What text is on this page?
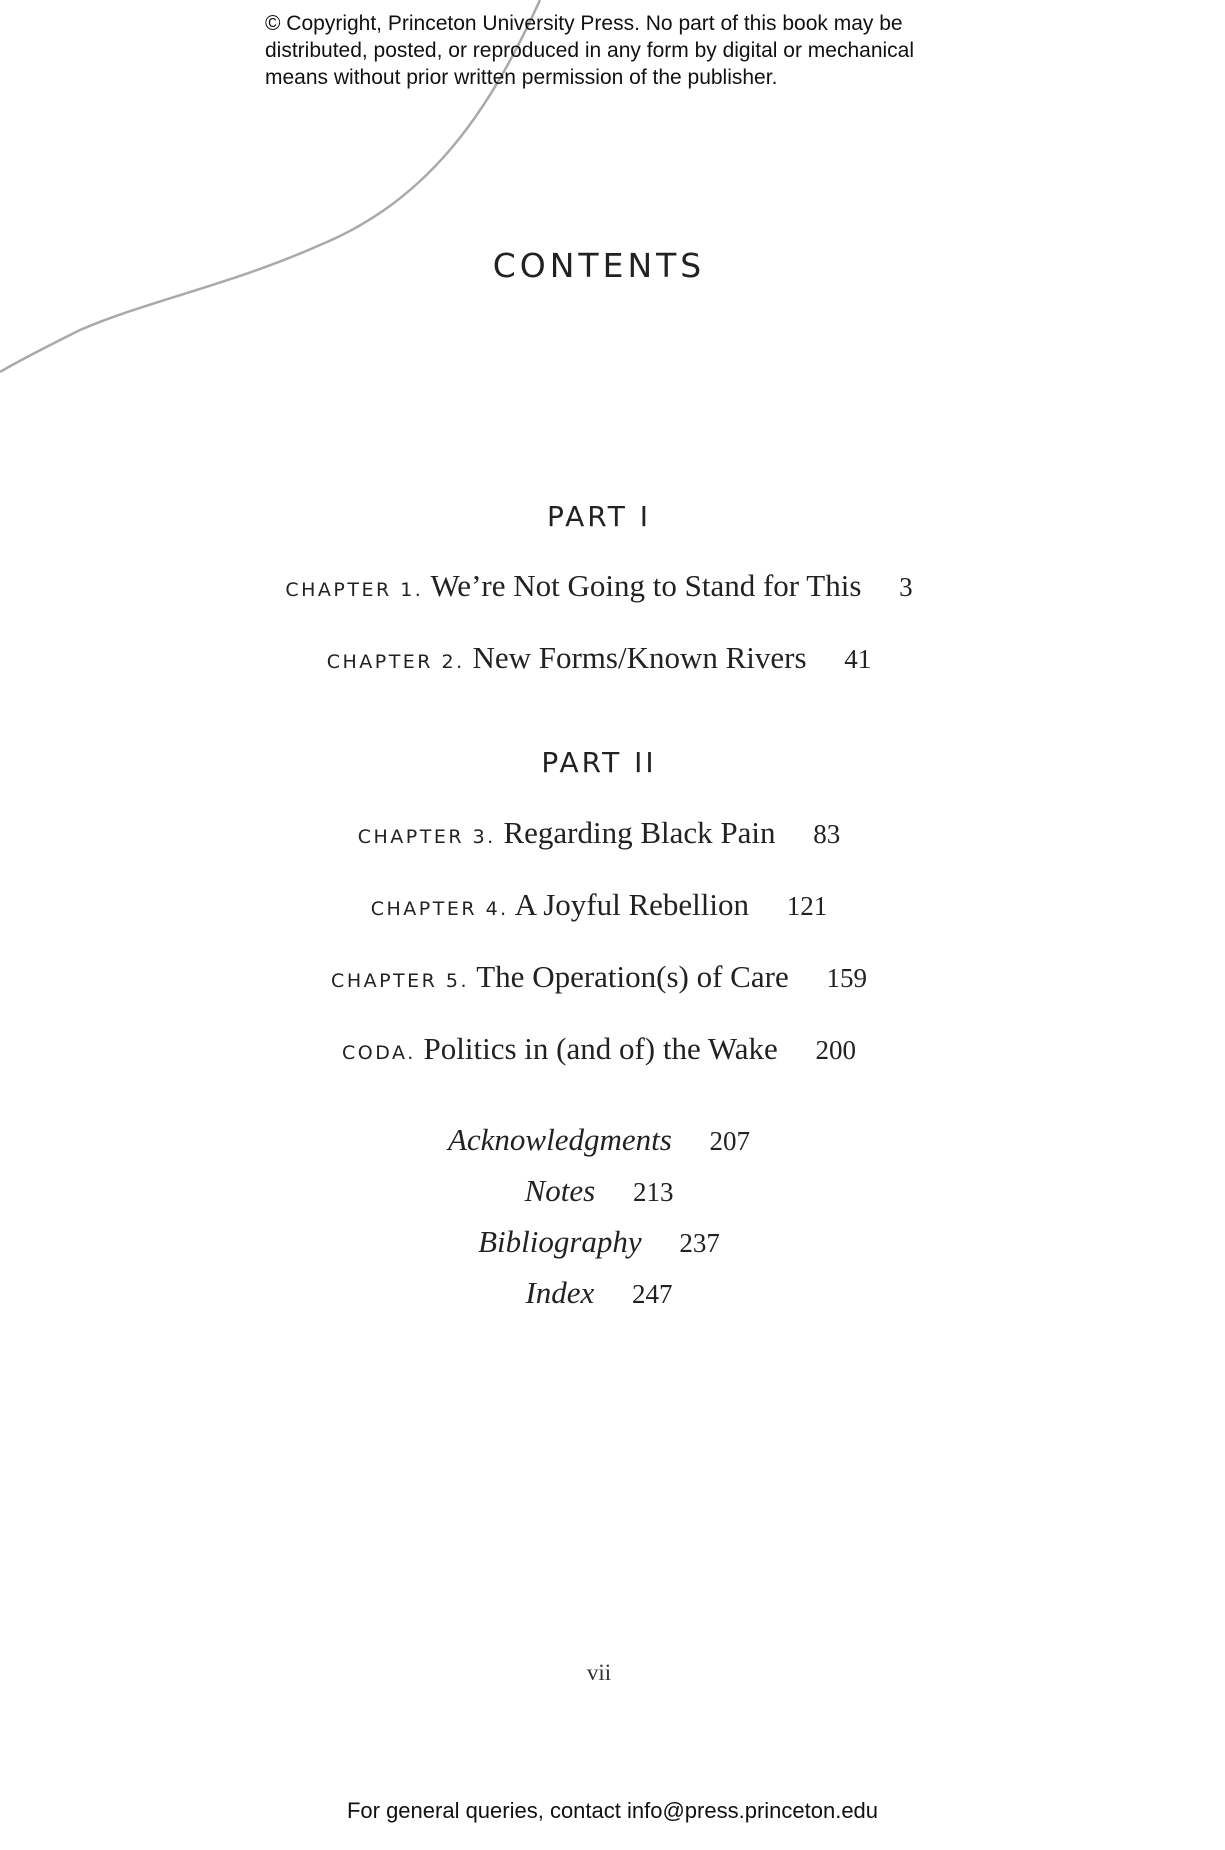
© Copyright, Princeton University Press. No part of this book may be
distributed, posted, or reproduced in any form by digital or mechanical
means without prior written permission of the publisher.

CONTENTS
PART I
CHAPTER 1. We’re Not Going to Stand for This 3
CHAPTER 2. New Forms/Known Rivers 41
PART II
CHAPTER 3. Regarding Black Pain 83
CHAPTER 4. A Joyful Rebellion 121
CHAPTER 5. The Operation(s) of Care 159
CODA. Politics in (and of) the Wake 200
Acknowledgments 207
Notes 213
Bibliography 237
Index 247
vii
For general queries, contact info@press.princeton.edu
